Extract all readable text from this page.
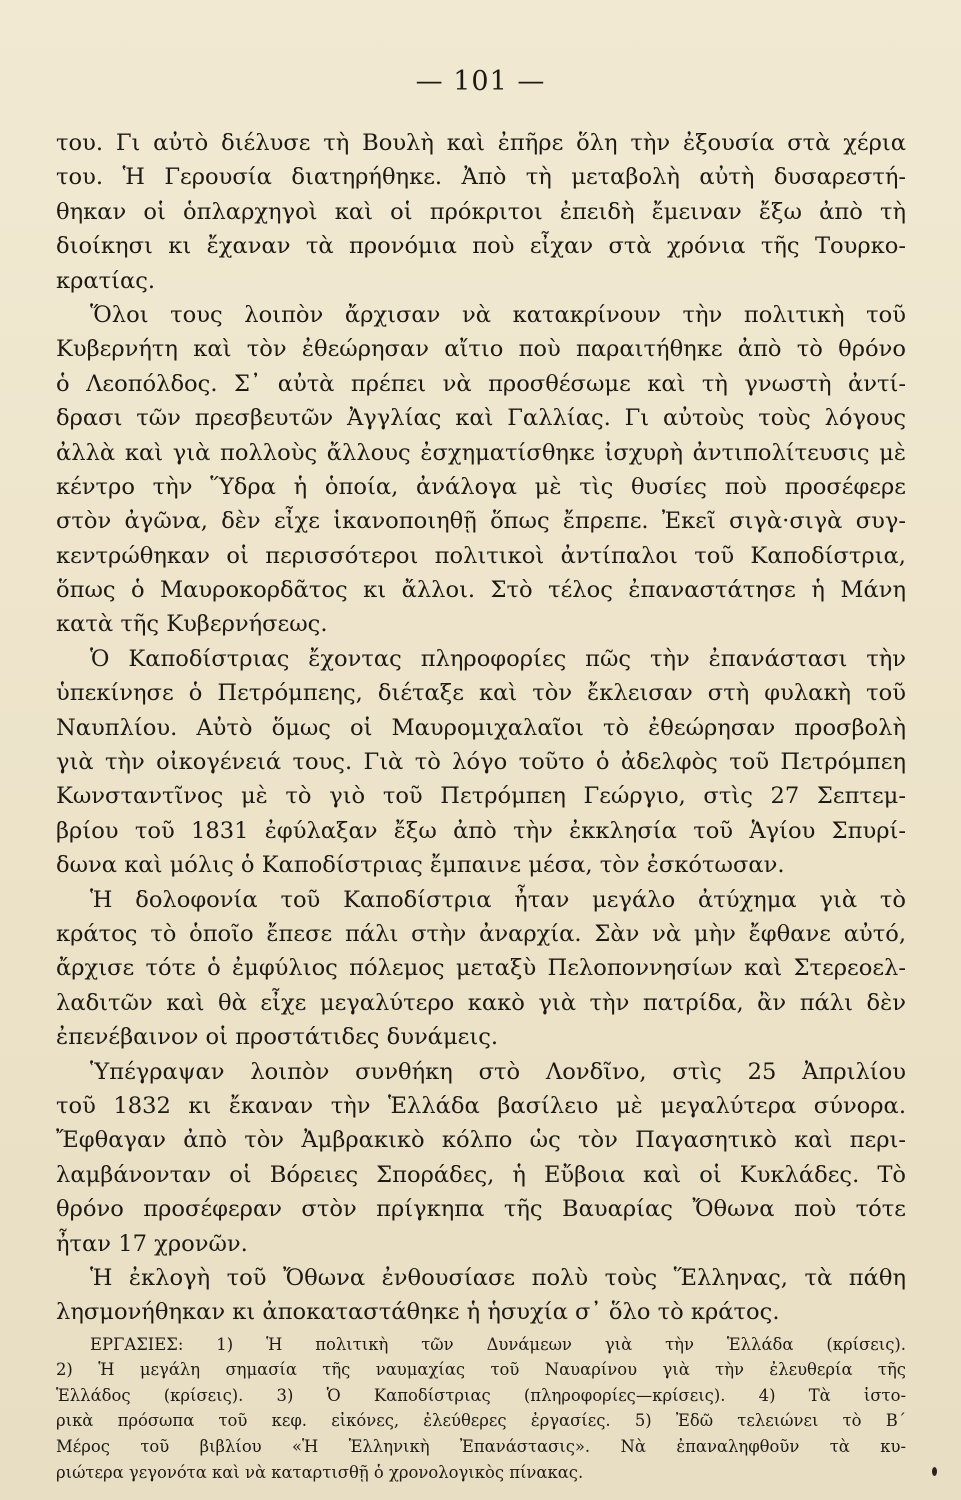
— 101 —
του. Γι αὐτὸ διέλυσε τὴ Βουλὴ καὶ ἐπῆρε ὅλη τὴν ἐξουσία στὰ χέρια
του. Ἡ Γερουσία διατηρήθηκε. Ἀπὸ τὴ μεταβολὴ αὐτὴ δυσαρεστή-
θηκαν οἱ ὁπλαρχηγοὶ καὶ οἱ πρόκριτοι ἐπειδὴ ἔμειναν ἔξω ἀπὸ τὴ
διοίκησι κι ἔχαναν τὰ προνόμια ποὺ εἶχαν στὰ χρόνια τῆς Τουρκο-
κρατίας.
Ὅλοι τους λοιπὸν ἄρχισαν νὰ κατακρίνουν τὴν πολιτικὴ τοῦ
Κυβερνήτη καὶ τὸν ἐθεώρησαν αἴτιο ποὺ παραιτήθηκε ἀπὸ τὸ θρόνο
ὁ Λεοπόλδος. Σ᾿ αὐτὰ πρέπει νὰ προσθέσωμε καὶ τὴ γνωστὴ ἀντί-
δρασι τῶν πρεσβευτῶν Ἀγγλίας καὶ Γαλλίας. Γι αὐτοὺς τοὺς λόγους
ἀλλὰ καὶ γιὰ πολλοὺς ἄλλους ἐσχηματίσθηκε ἰσχυρὴ ἀντιπολίτευσις μὲ
κέντρο τὴν Ὕδρα ἡ ὁποία, ἀνάλογα μὲ τὶς θυσίες ποὺ προσέφερε
στὸν ἀγῶνα, δὲν εἶχε ἱκανοποιηθῇ ὅπως ἔπρεπε. Ἐκεῖ σιγὰ·σιγὰ συγ-
κεντρώθηκαν οἱ περισσότεροι πολιτικοὶ ἀντίπαλοι τοῦ Καποδίστρια,
ὅπως ὁ Μαυροκορδᾶτος κι ἄλλοι. Στὸ τέλος ἐπαναστάτησε ἡ Μάνη
κατὰ τῆς Κυβερνήσεως.
Ὁ Καποδίστριας ἔχοντας πληροφορίες πῶς τὴν ἐπανάστασι τὴν
ὑπεκίνησε ὁ Πετρόμπεης, διέταξε καὶ τὸν ἔκλεισαν στὴ φυλακὴ τοῦ
Ναυπλίου. Αὐτὸ ὅμως οἱ Μαυρομιχαλαῖοι τὸ ἐθεώρησαν προσβολὴ
γιὰ τὴν οἰκογένειά τους. Γιὰ τὸ λόγο τοῦτο ὁ ἀδελφὸς τοῦ Πετρόμπεη
Κωνσταντῖνος μὲ τὸ γιὸ τοῦ Πετρόμπεη Γεώργιο, στὶς 27 Σεπτεμ-
βρίου τοῦ 1831 ἐφύλαξαν ἔξω ἀπὸ τὴν ἐκκλησία τοῦ Ἁγίου Σπυρί-
δωνα καὶ μόλις ὁ Καποδίστριας ἔμπαινε μέσα, τὸν ἐσκότωσαν.
Ἡ δολοφονία τοῦ Καποδίστρια ἦταν μεγάλο ἀτύχημα γιὰ τὸ
κράτος τὸ ὁποῖο ἔπεσε πάλι στὴν ἀναρχία. Σὰν νὰ μὴν ἔφθανε αὐτό,
ἄρχισε τότε ὁ ἐμφύλιος πόλεμος μεταξὺ Πελοποννησίων καὶ Στερεοελ-
λαδιτῶν καὶ θὰ εἶχε μεγαλύτερο κακὸ γιὰ τὴν πατρίδα, ἂν πάλι δὲν
ἐπενέβαινον οἱ προστάτιδες δυνάμεις.
Ὑπέγραψαν λοιπὸν συνθήκη στὸ Λονδῖνο, στὶς 25 Ἀπριλίου
τοῦ 1832 κι ἔκαναν τὴν Ἑλλάδα βασίλειο μὲ μεγαλύτερα σύνορα.
Ἔφθαγαν ἀπὸ τὸν Ἀμβρακικὸ κόλπο ὡς τὸν Παγασητικὸ καὶ περι-
λαμβάνονταν οἱ Βόρειες Σποράδες, ἡ Εὔβοια καὶ οἱ Κυκλάδες. Τὸ
θρόνο προσέφεραν στὸν πρίγκηπα τῆς Βαυαρίας Ὄθωνα ποὺ τότε
ἦταν 17 χρονῶν.
Ἡ ἐκλογὴ τοῦ Ὄθωνα ἐνθουσίασε πολὺ τοὺς Ἕλληνας, τὰ πάθη
λησμονήθηκαν κι ἀποκαταστάθηκε ἡ ἡσυχία σ᾿ ὅλο τὸ κράτος.
ΕΡΓΑΣΙΕΣ: 1) Ἡ πολιτικὴ τῶν Δυνάμεων γιὰ τὴν Ἑλλάδα (κρίσεις).
2) Ἡ μεγάλη σημασία τῆς ναυμαχίας τοῦ Ναυαρίνου γιὰ τὴν ἐλευθερία τῆς
Ἑλλάδος (κρίσεις). 3) Ὁ Καποδίστριας (πληροφορίες—κρίσεις). 4) Τὰ ἱστο-
ρικὰ πρόσωπα τοῦ κεφ. εἰκόνες, ἐλεύθερες ἐργασίες. 5) Ἐδῶ τελειώνει τὸ Β´
Μέρος τοῦ βιβλίου «Ἡ Ἑλληνικὴ Ἐπανάστασις». Νὰ ἐπαναληφθοῦν τὰ κυ-
ριώτερα γεγονότα καὶ νὰ καταρτισθῇ ὁ χρονολογικὸς πίνακας.
